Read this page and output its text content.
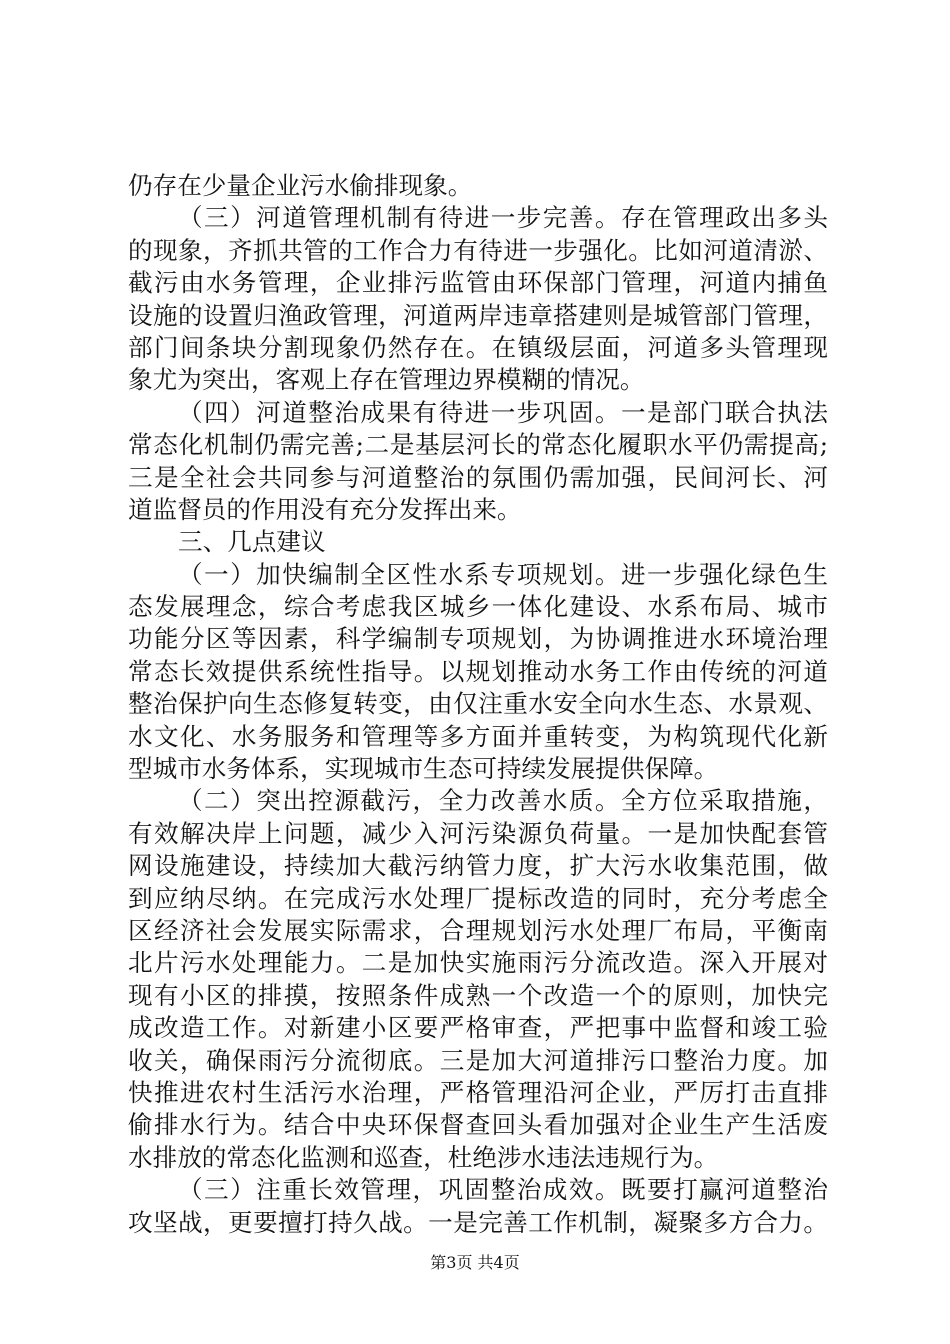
仍存在少量企业污水偷排现象。
（三）河道管理机制有待进一步完善。存在管理政出多头
的现象，齐抓共管的工作合力有待进一步强化。比如河道清淤、
截污由水务管理，企业排污监管由环保部门管理，河道内捕鱼
设施的设置归渔政管理，河道两岸违章搭建则是城管部门管理，
部门间条块分割现象仍然存在。在镇级层面，河道多头管理现
象尤为突出，客观上存在管理边界模糊的情况。
（四）河道整治成果有待进一步巩固。一是部门联合执法
常态化机制仍需完善;二是基层河长的常态化履职水平仍需提高;
三是全社会共同参与河道整治的氛围仍需加强，民间河长、河
道监督员的作用没有充分发挥出来。
三、几点建议
（一）加快编制全区性水系专项规划。进一步强化绿色生
态发展理念，综合考虑我区城乡一体化建设、水系布局、城市
功能分区等因素，科学编制专项规划，为协调推进水环境治理
常态长效提供系统性指导。以规划推动水务工作由传统的河道
整治保护向生态修复转变，由仅注重水安全向水生态、水景观、
水文化、水务服务和管理等多方面并重转变，为构筑现代化新
型城市水务体系，实现城市生态可持续发展提供保障。
（二）突出控源截污，全力改善水质。全方位采取措施，
有效解决岸上问题，减少入河污染源负荷量。一是加快配套管
网设施建设，持续加大截污纳管力度，扩大污水收集范围，做
到应纳尽纳。在完成污水处理厂提标改造的同时，充分考虑全
区经济社会发展实际需求，合理规划污水处理厂布局，平衡南
北片污水处理能力。二是加快实施雨污分流改造。深入开展对
现有小区的排摸，按照条件成熟一个改造一个的原则，加快完
成改造工作。对新建小区要严格审查，严把事中监督和竣工验
收关，确保雨污分流彻底。三是加大河道排污口整治力度。加
快推进农村生活污水治理，严格管理沿河企业，严厉打击直排
偷排水行为。结合中央环保督查回头看加强对企业生产生活废
水排放的常态化监测和巡查，杜绝涉水违法违规行为。
（三）注重长效管理，巩固整治成效。既要打赢河道整治
攻坚战，更要擅打持久战。一是完善工作机制，凝聚多方合力。
第3页 共4页
